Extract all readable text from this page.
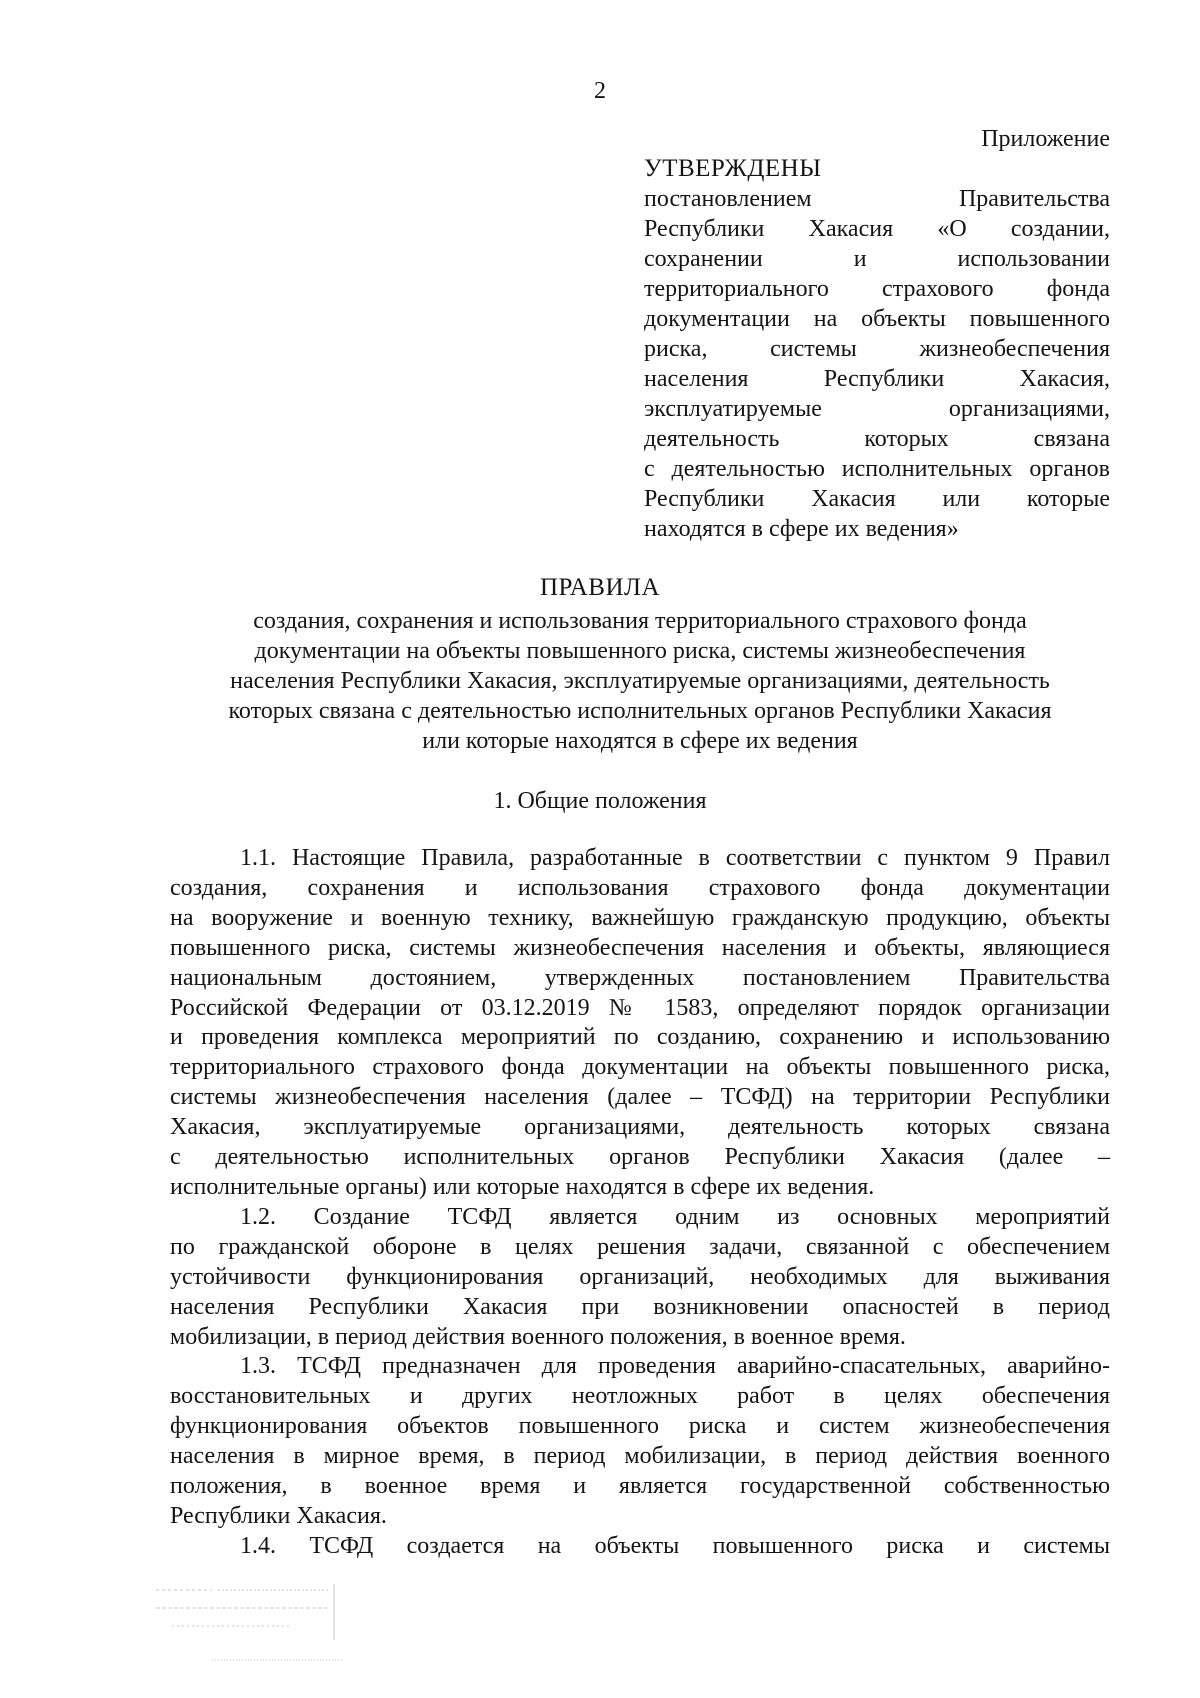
2
Приложение
УТВЕРЖДЕНЫ
постановлением Правительства
Республики Хакасия «О создании,
сохранении и использовании
территориального страхового фонда
документации на объекты повышенного
риска, системы жизнеобеспечения
населения Республики Хакасия,
эксплуатируемые организациями,
деятельность которых связана
с деятельностью исполнительных органов
Республики Хакасия или которые
находятся в сфере их ведения»
ПРАВИЛА
создания, сохранения и использования территориального страхового фонда
документации на объекты повышенного риска, системы жизнеобеспечения
населения Республики Хакасия, эксплуатируемые организациями, деятельность
которых связана с деятельностью исполнительных органов Республики Хакасия
или которые находятся в сфере их ведения
1. Общие положения
1.1. Настоящие Правила, разработанные в соответствии с пунктом 9 Правил
создания, сохранения и использования страхового фонда документации
на вооружение и военную технику, важнейшую гражданскую продукцию, объекты
повышенного риска, системы жизнеобеспечения населения и объекты, являющиеся
национальным достоянием, утвержденных постановлением Правительства
Российской Федерации от 03.12.2019 № 1583, определяют порядок организации
и проведения комплекса мероприятий по созданию, сохранению и использованию
территориального страхового фонда документации на объекты повышенного риска,
системы жизнеобеспечения населения (далее – ТСФД) на территории Республики
Хакасия, эксплуатируемые организациями, деятельность которых связана
с деятельностью исполнительных органов Республики Хакасия (далее –
исполнительные органы) или которые находятся в сфере их ведения.
1.2. Создание ТСФД является одним из основных мероприятий
по гражданской обороне в целях решения задачи, связанной с обеспечением
устойчивости функционирования организаций, необходимых для выживания
населения Республики Хакасия при возникновении опасностей в период
мобилизации, в период действия военного положения, в военное время.
1.3. ТСФД предназначен для проведения аварийно-спасательных, аварийно-
восстановительных и других неотложных работ в целях обеспечения
функционирования объектов повышенного риска и систем жизнеобеспечения
населения в мирное время, в период мобилизации, в период действия военного
положения, в военное время и является государственной собственностью
Республики Хакасия.
1.4. ТСФД создается на объекты повышенного риска и системы
